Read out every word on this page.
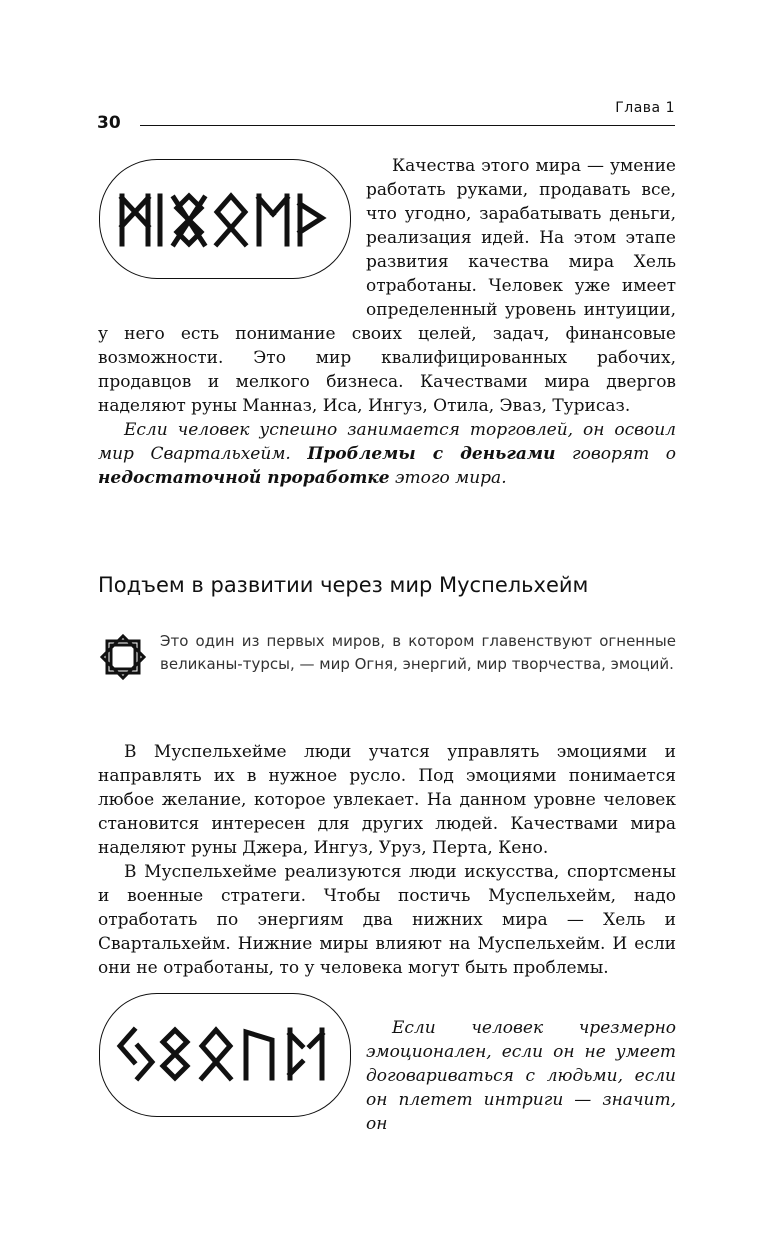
Глава 1
30

Качества этого мира — умение работать руками, продавать все, что угодно, зарабатывать деньги, реализация идей. На этом этапе развития качества мира Хель отработаны. Человек уже имеет определенный уровень интуиции, у него есть понимание своих целей, задач, финансовые возможности. Это мир квалифицированных рабочих, продавцов и мелкого бизнеса. Качествами мира двергов наделяют руны Манназ, Иса, Ингуз, Отила, Эваз, Турисаз.

Если человек успешно занимается торговлей, он освоил мир Свартальхейм. Проблемы с деньгами говорят о недостаточной проработке этого мира.

Подъем в развитии через мир Муспельхейм
Это один из первых миров, в котором главенствуют огненные великаны-турсы, — мир Огня, энергий, мир творчества, эмоций.

В Муспельхейме люди учатся управлять эмоциями и направлять их в нужное русло. Под эмоциями понимается любое желание, которое увлекает. На данном уровне человек становится интересен для других людей. Качествами мира наделяют руны Джера, Ингуз, Уруз, Перта, Кено.

В Муспельхейме реализуются люди искусства, спортсмены и военные стратеги. Чтобы постичь Муспельхейм, надо отработать по энергиям два нижних мира — Хель и Свартальхейм. Нижние миры влияют на Муспельхейм. И если они не отработаны, то у человека могут быть проблемы.

Если человек чрезмерно эмоционален, если он не умеет договариваться с людьми, если он плетет интриги — значит, он
